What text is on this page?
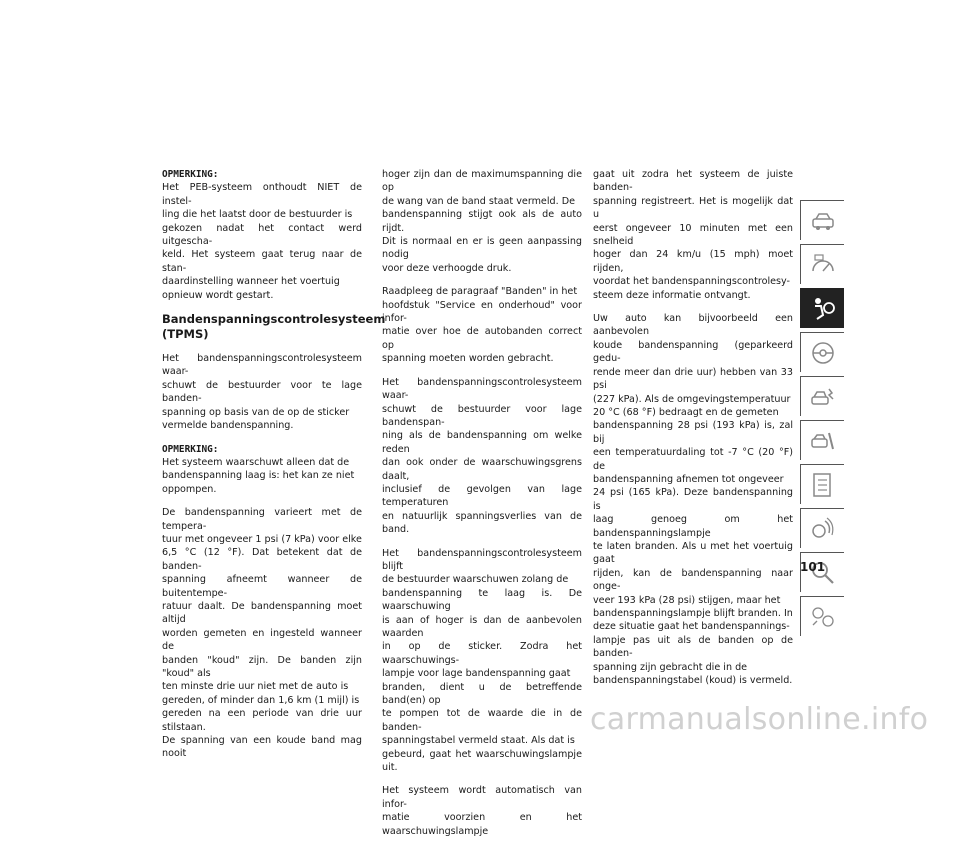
OPMERKING:

Het PEB-systeem onthoudt NIET de instel-
ling die het laatst door de bestuurder is
gekozen nadat het contact werd uitgescha-
keld. Het systeem gaat terug naar de stan-
daardinstelling wanneer het voertuig
opnieuw wordt gestart.

Bandenspanningscontrolesysteem
(TPMS)

Het bandenspanningscontrolesysteem waar-
schuwt de bestuurder voor te lage banden-
spanning op basis van de op de sticker
vermelde bandenspanning.

OPMERKING:

Het systeem waarschuwt alleen dat de
bandenspanning laag is: het kan ze niet
oppompen.

De bandenspanning varieert met de tempera-
tuur met ongeveer 1 psi (7 kPa) voor elke
6,5 °C (12 °F). Dat betekent dat de banden-
spanning afneemt wanneer de buitentempe-
ratuur daalt. De bandenspanning moet altijd
worden gemeten en ingesteld wanneer de
banden "koud" zijn. De banden zijn "koud" als
ten minste drie uur niet met de auto is
gereden, of minder dan 1,6 km (1 mijl) is
gereden na een periode van drie uur stilstaan.
De spanning van een koude band mag nooit

hoger zijn dan de maximumspanning die op
de wang van de band staat vermeld. De
bandenspanning stijgt ook als de auto rijdt.
Dit is normaal en er is geen aanpassing nodig
voor deze verhoogde druk.

Raadpleeg de paragraaf "Banden" in het
hoofdstuk "Service en onderhoud" voor infor-
matie over hoe de autobanden correct op
spanning moeten worden gebracht.

Het bandenspanningscontrolesysteem waar-
schuwt de bestuurder voor lage bandenspan-
ning als de bandenspanning om welke reden
dan ook onder de waarschuwingsgrens daalt,
inclusief de gevolgen van lage temperaturen
en natuurlijk spanningsverlies van de band.

Het bandenspanningscontrolesysteem blijft
de bestuurder waarschuwen zolang de
bandenspanning te laag is. De waarschuwing
is aan of hoger is dan de aanbevolen waarden
in op de sticker. Zodra het waarschuwings-
lampje voor lage bandenspanning gaat
branden, dient u de betreffende band(en) op
te pompen tot de waarde die in de banden-
spanningstabel vermeld staat. Als dat is
gebeurd, gaat het waarschuwingslampje uit.

Het systeem wordt automatisch van infor-
matie voorzien en het waarschuwingslampje

gaat uit zodra het systeem de juiste banden-
spanning registreert. Het is mogelijk dat u
eerst ongeveer 10 minuten met een snelheid
hoger dan 24 km/u (15 mph) moet rijden,
voordat het bandenspanningscontrolesy-
steem deze informatie ontvangt.

Uw auto kan bijvoorbeeld een aanbevolen
koude bandenspanning (geparkeerd gedu-
rende meer dan drie uur) hebben van 33 psi
(227 kPa). Als de omgevingstemperatuur
20 °C (68 °F) bedraagt en de gemeten
bandenspanning 28 psi (193 kPa) is, zal bij
een temperatuurdaling tot -7 °C (20 °F) de
bandenspanning afnemen tot ongeveer
24 psi (165 kPa). Deze bandenspanning is
laag genoeg om het bandenspanningslampje
te laten branden. Als u met het voertuig gaat
rijden, kan de bandenspanning naar onge-
veer 193 kPa (28 psi) stijgen, maar het
bandenspanningslampje blijft branden. In
deze situatie gaat het bandenspannings-
lampje pas uit als de banden op de banden-
spanning zijn gebracht die in de
bandenspanningstabel (koud) is vermeld.

101
carmanualsonline.info
